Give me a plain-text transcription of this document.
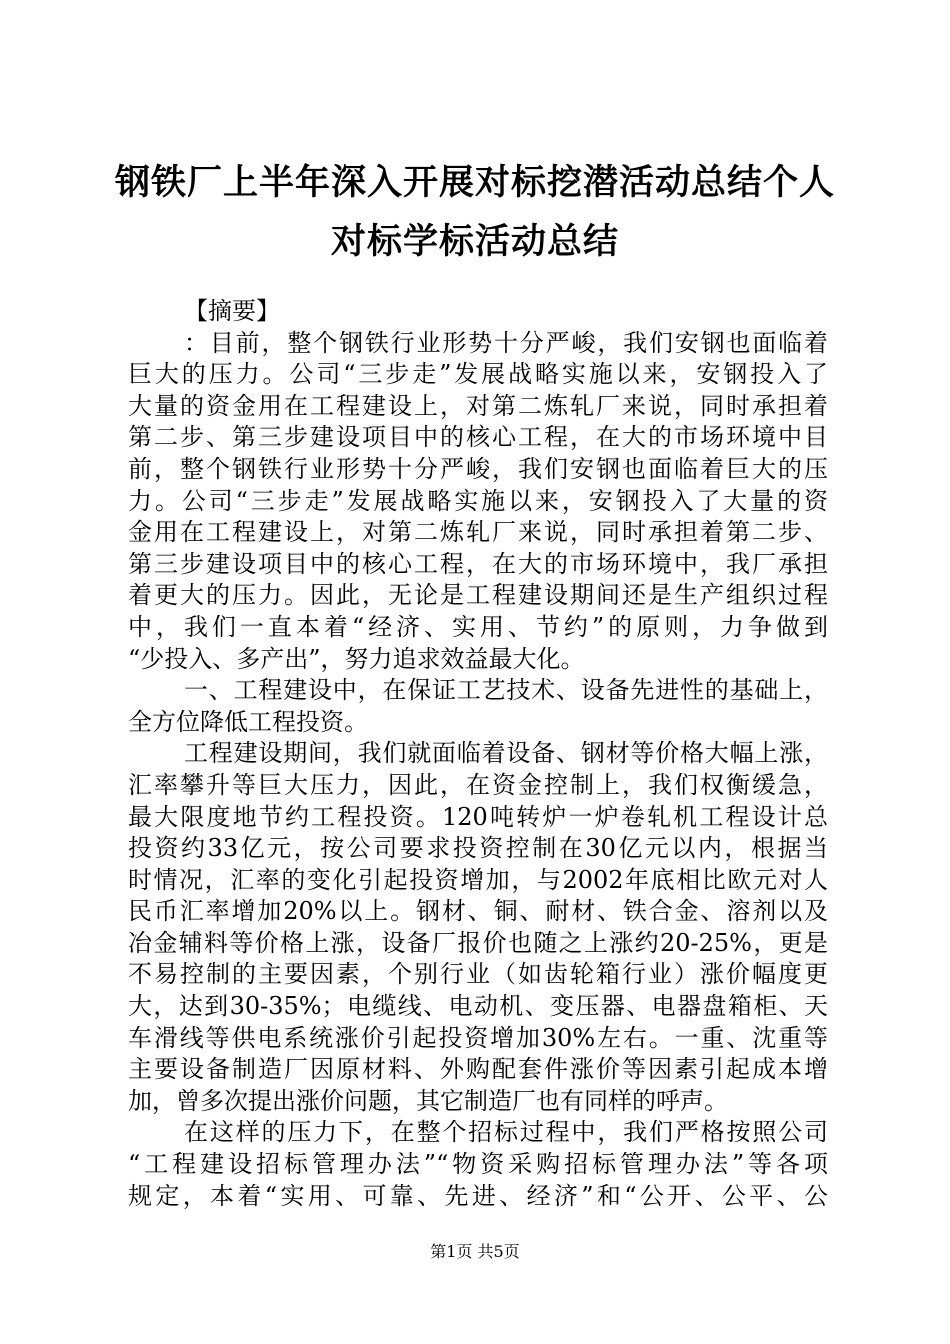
钢铁厂上半年深入开展对标挖潜活动总结个人
对标学标活动总结
【摘要】
：目前，整个钢铁行业形势十分严峻，我们安钢也面临着
巨大的压力。公司“三步走”发展战略实施以来，安钢投入了
大量的资金用在工程建设上，对第二炼轧厂来说，同时承担着
第二步、第三步建设项目中的核心工程，在大的市场环境中目
前，整个钢铁行业形势十分严峻，我们安钢也面临着巨大的压
力。公司“三步走”发展战略实施以来，安钢投入了大量的资
金用在工程建设上，对第二炼轧厂来说，同时承担着第二步、
第三步建设项目中的核心工程，在大的市场环境中，我厂承担
着更大的压力。因此，无论是工程建设期间还是生产组织过程
中，我们一直本着“经济、实用、节约”的原则，力争做到
“少投入、多产出”，努力追求效益最大化。
一、工程建设中，在保证工艺技术、设备先进性的基础上，
全方位降低工程投资。
工程建设期间，我们就面临着设备、钢材等价格大幅上涨，
汇率攀升等巨大压力，因此，在资金控制上，我们权衡缓急，
最大限度地节约工程投资。120吨转炉一炉卷轧机工程设计总
投资约33亿元，按公司要求投资控制在30亿元以内，根据当
时情况，汇率的变化引起投资增加，与2002年底相比欧元对人
民币汇率增加20%以上。钢材、铜、耐材、铁合金、溶剂以及
冶金辅料等价格上涨，设备厂报价也随之上涨约20-25%，更是
不易控制的主要因素，个别行业（如齿轮箱行业）涨价幅度更
大，达到30-35%；电缆线、电动机、变压器、电器盘箱柜、天
车滑线等供电系统涨价引起投资增加30%左右。一重、沈重等
主要设备制造厂因原材料、外购配套件涨价等因素引起成本增
加，曾多次提出涨价问题，其它制造厂也有同样的呼声。
在这样的压力下，在整个招标过程中，我们严格按照公司
“工程建设招标管理办法”“物资采购招标管理办法”等各项
规定，本着“实用、可靠、先进、经济”和“公开、公平、公
第1页 共5页
